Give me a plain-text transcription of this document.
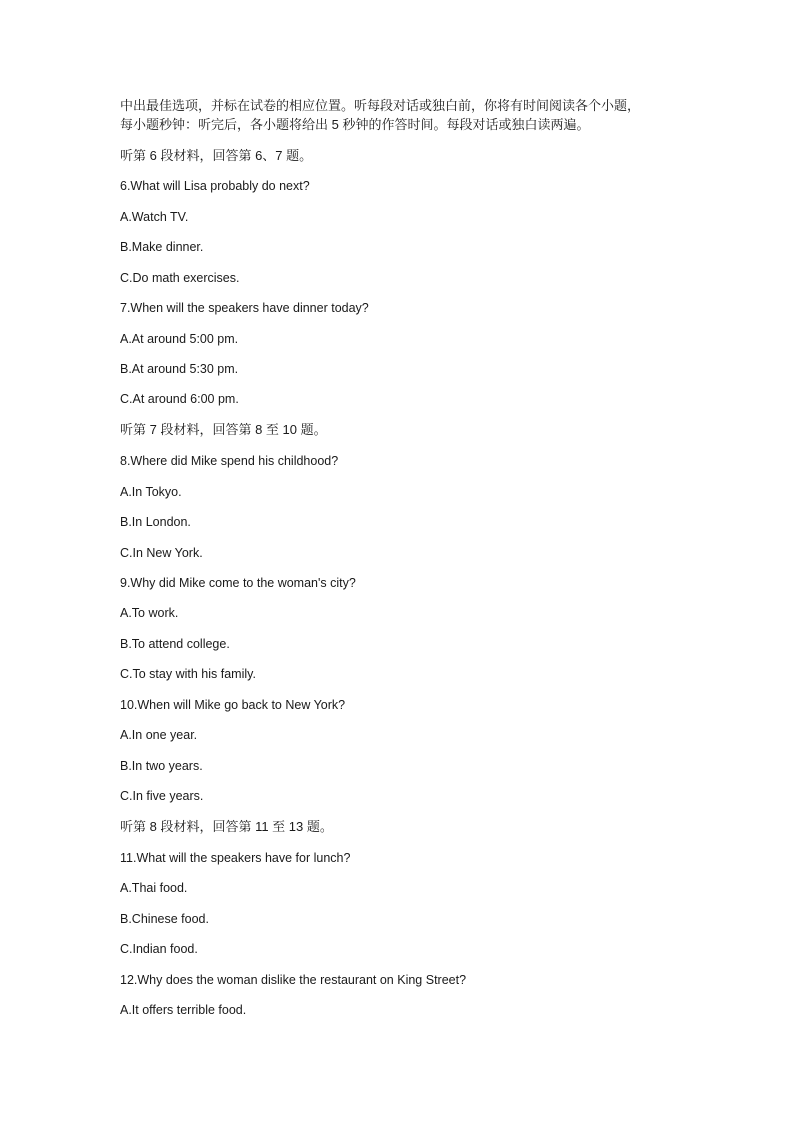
中出最佳选项，并标在试卷的相应位置。听每段对话或独白前，你将有时间阅读各个小题，
每小题秒钟：听完后，各小题将给出 5 秒钟的作答时间。每段对话或独白读两遍。
听第 6 段材料，回答第 6、7 题。
6.What will Lisa probably do next?
A.Watch TV.
B.Make dinner.
C.Do math exercises.
7.When will the speakers have dinner today?
A.At around 5:00 pm.
B.At around 5:30 pm.
C.At around 6:00 pm.
听第 7 段材料，回答第 8 至 10 题。
8.Where did Mike spend his childhood?
A.In Tokyo.
B.In London.
C.In New York.
9.Why did Mike come to the woman's city?
A.To work.
B.To attend college.
C.To stay with his family.
10.When will Mike go back to New York?
A.In one year.
B.In two years.
C.In five years.
听第 8 段材料，回答第 11 至 13 题。
11.What will the speakers have for lunch?
A.Thai food.
B.Chinese food.
C.Indian food.
12.Why does the woman dislike the restaurant on King Street?
A.It offers terrible food.
